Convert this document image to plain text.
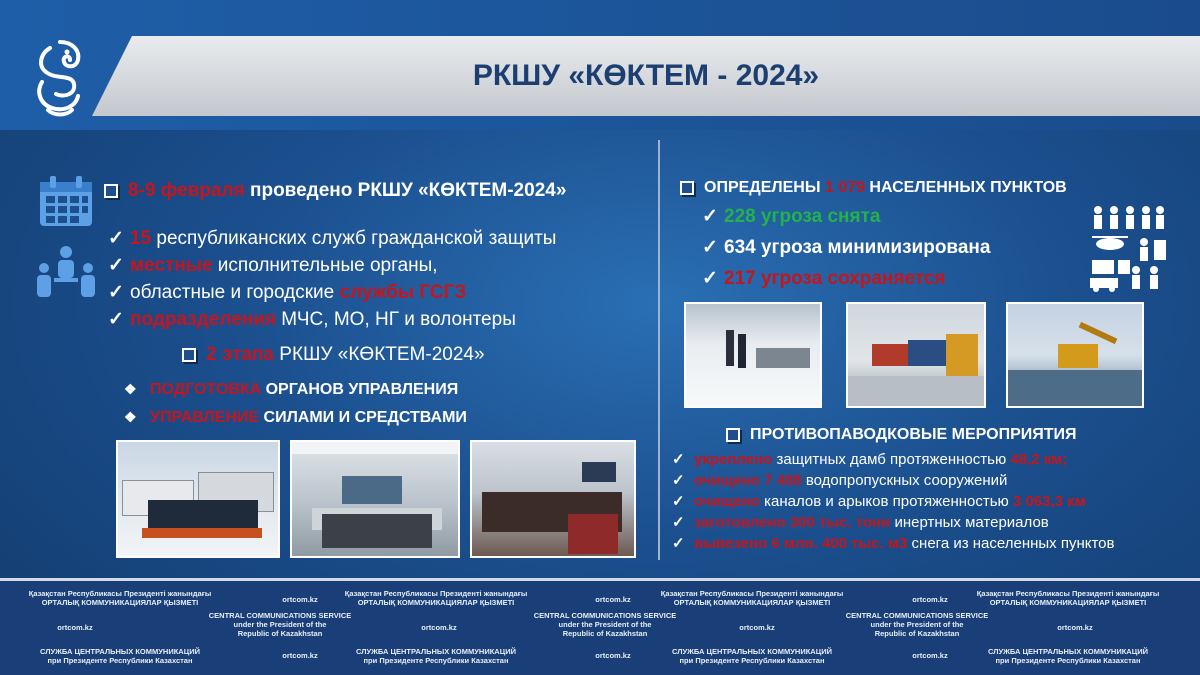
РКШУ «КӨКТЕМ - 2024»
8-9 февраля проведено РКШУ «КӨКТЕМ-2024»
✓ 15 республиканских служб гражданской защиты
✓ местные исполнительные органы,
✓ областные и городские службы ГСГЗ
✓ подразделения МЧС, МО, НГ и волонтеры
2 этапа РКШУ «КӨКТЕМ-2024»
❖ ПОДГОТОВКА ОРГАНОВ УПРАВЛЕНИЯ
❖ УПРАВЛЕНИЕ СИЛАМИ И СРЕДСТВАМИ
ОПРЕДЕЛЕНЫ 1 079 НАСЕЛЕННЫХ ПУНКТОВ
✓ 228 угроза снята
✓ 634 угроза минимизирована
✓ 217 угроза сохраняется
ПРОТИВОПАВОДКОВЫЕ МЕРОПРИЯТИЯ
✓ укреплено защитных дамб протяженностью 48,2 км;
✓ очищено 7 488 водопропускных сооружений
✓ очищено каналов и арыков протяженностью 3 063,3 км
✓ заготовлено 300 тыс. тонн инертных материалов
✓ вывезено 6 млн. 400 тыс. м3 снега из населенных пунктов
Қазақстан Республикасы Президенті жанындағы
ОРТАЛЫҚ КОММУНИКАЦИЯЛАР ҚЫЗМЕТІ	ortcom.kz
Қазақстан Республикасы Президенті жанындағы
ОРТАЛЫҚ КОММУНИКАЦИЯЛАР ҚЫЗМЕТІ	ortcom.kz
Қазақстан Республикасы Президенті жанындағы
ОРТАЛЫҚ КОММУНИКАЦИЯЛАР ҚЫЗМЕТІ	ortcom.kz
Қазақстан Республикасы Президенті жанындағы
ОРТАЛЫҚ КОММУНИКАЦИЯЛАР ҚЫЗМЕТІ
ortcom.kz
CENTRAL COMMUNICATIONS SERVICE
under the President of the
Republic of Kazakhstan
ortcom.kz
CENTRAL COMMUNICATIONS SERVICE
under the President of the
Republic of Kazakhstan
ortcom.kz
CENTRAL COMMUNICATIONS SERVICE
under the President of the
Republic of Kazakhstan
ortcom.kz
СЛУЖБА ЦЕНТРАЛЬНЫХ КОММУНИКАЦИЙ
при Президенте Республики Казахстан
ortcom.kz	СЛУЖБА ЦЕНТРАЛЬНЫХ КОММУНИКАЦИЙ
при Президенте Республики Казахстан
ortcom.kz	СЛУЖБА ЦЕНТРАЛЬНЫХ КОММУНИКАЦИЙ
при Президенте Республики Казахстан
ortcom.kz	СЛУЖБА ЦЕНТРАЛЬНЫХ КОММУНИКАЦИЙ
при Президенте Республики Казахстан
